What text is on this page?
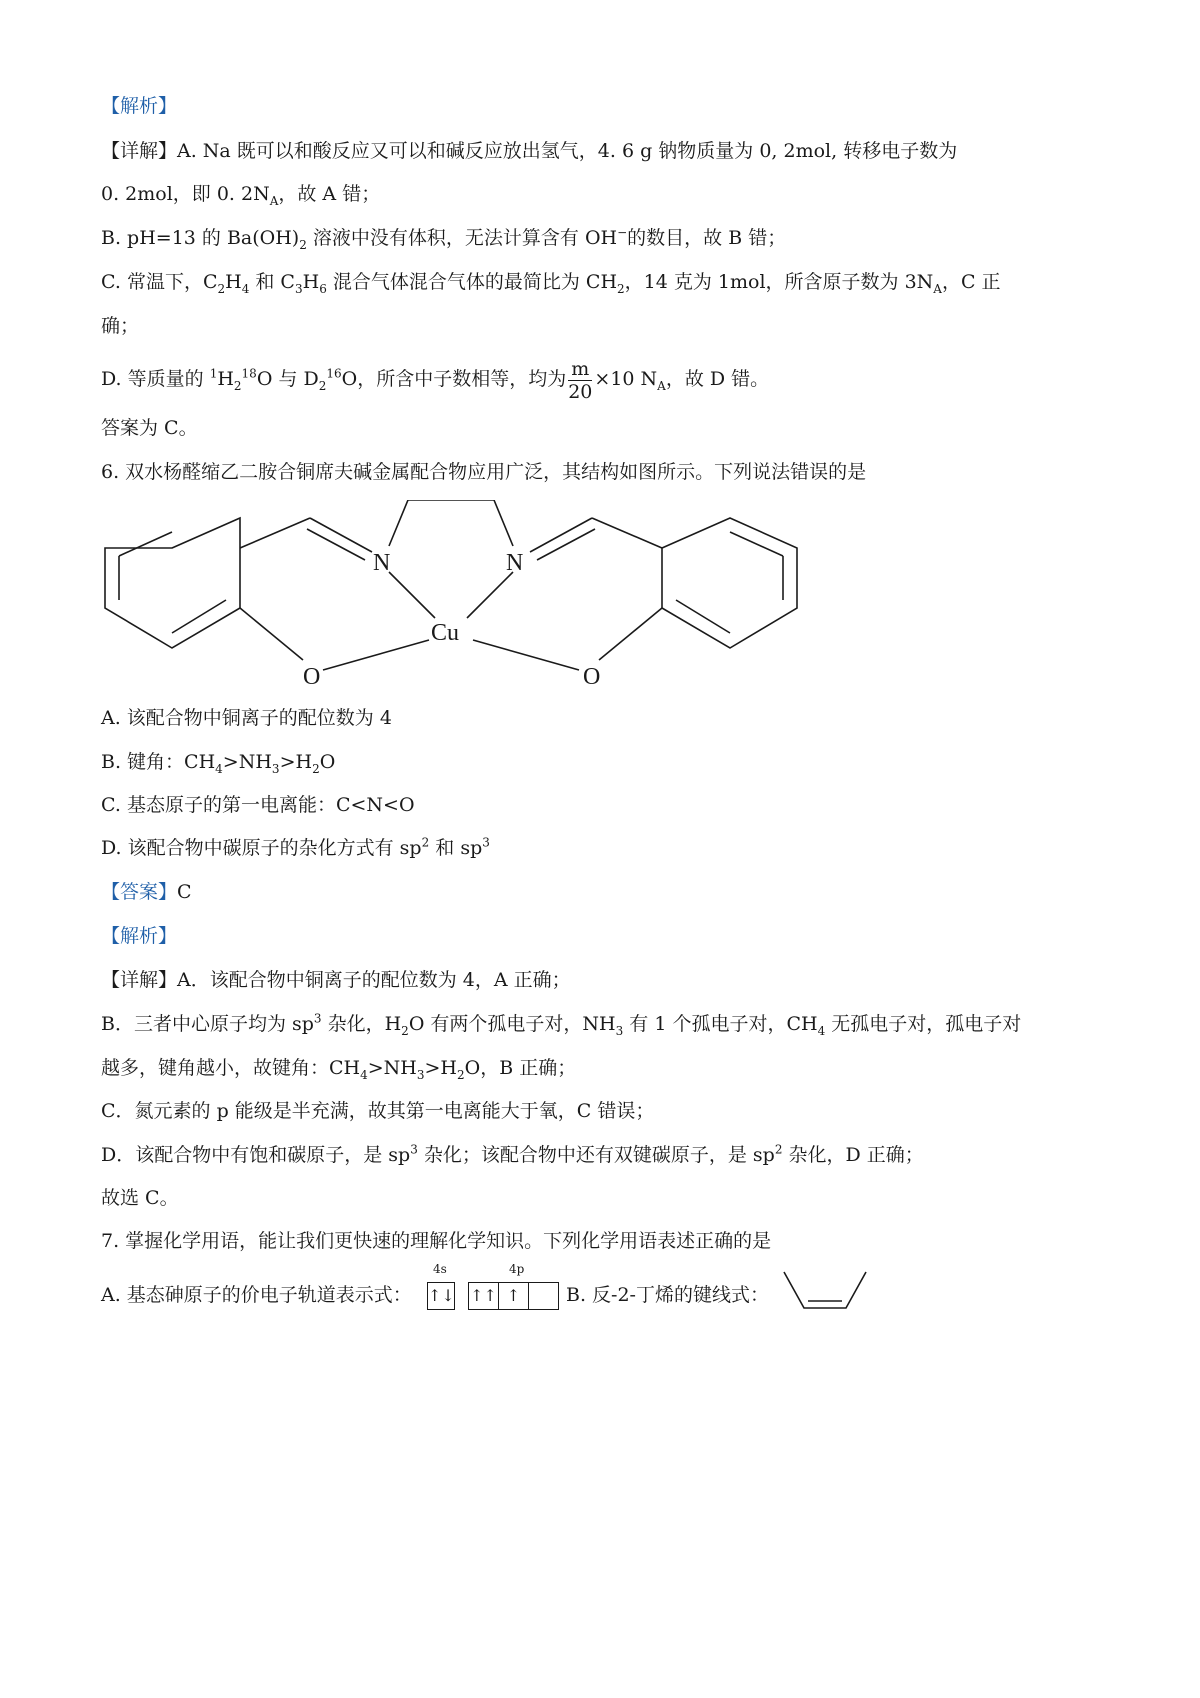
【解析】
【详解】A. Na 既可以和酸反应又可以和碱反应放出氢气，4. 6 g 钠物质量为 0, 2mol, 转移电子数为
0. 2mol，即 0. $2N_A$，故 A 错；
B. pH=13 的 $Ba(OH)_2$ 溶液中没有体积，无法计算含有 OH−的数目，故 B 错；
C. 常温下，$C_2H_4$ 和 $C_3H_6$ 混合气体混合气体的最简比为 $CH_2$，14 克为 1mol，所含原子数为 $3N_A$，C 正
确；
D. 等质量的 $^1H_2^{18}O$ 与 $D_2^{16}O$，所含中子数相等，均为 $\frac{m}{20} \times 10$ $N_A$，故 D 错。
答案为 C。
6. 双水杨醛缩乙二胺合铜席夫碱金属配合物应用广泛，其结构如图所示。下列说法错误的是
N	N
Cu
O	O
A. 该配合物中铜离子的配位数为 4
B. 键角：$CH_4>NH_3>H_2O$
C. 基态原子的第一电离能：C<N<O
D. 该配合物中碳原子的杂化方式有 $sp^2$ 和 $sp^3$
【答案】C
【解析】
【详解】A．该配合物中铜离子的配位数为 4，A 正确；
B．三者中心原子均为 $sp^3$ 杂化，$H_2O$ 有两个孤电子对，$NH_3$ 有 1 个孤电子对，$CH_4$ 无孤电子对，孤电子对
越多，键角越小，故键角：$CH_4>NH_3>H_2O$，B 正确；
C．氮元素的 p 能级是半充满，故其第一电离能大于氧，C 错误；
D．该配合物中有饱和碳原子，是 $sp^3$ 杂化；该配合物中还有双键碳原子，是 $sp^2$ 杂化，D 正确；
故选 C。
7. 掌握化学用语，能让我们更快速的理解化学知识。下列化学用语表述正确的是
A. 基态砷原子的价电子轨道表示式：
4s	4p
↑↓ ↑↑ ↑	B. 反-2-丁烯的键线式：
